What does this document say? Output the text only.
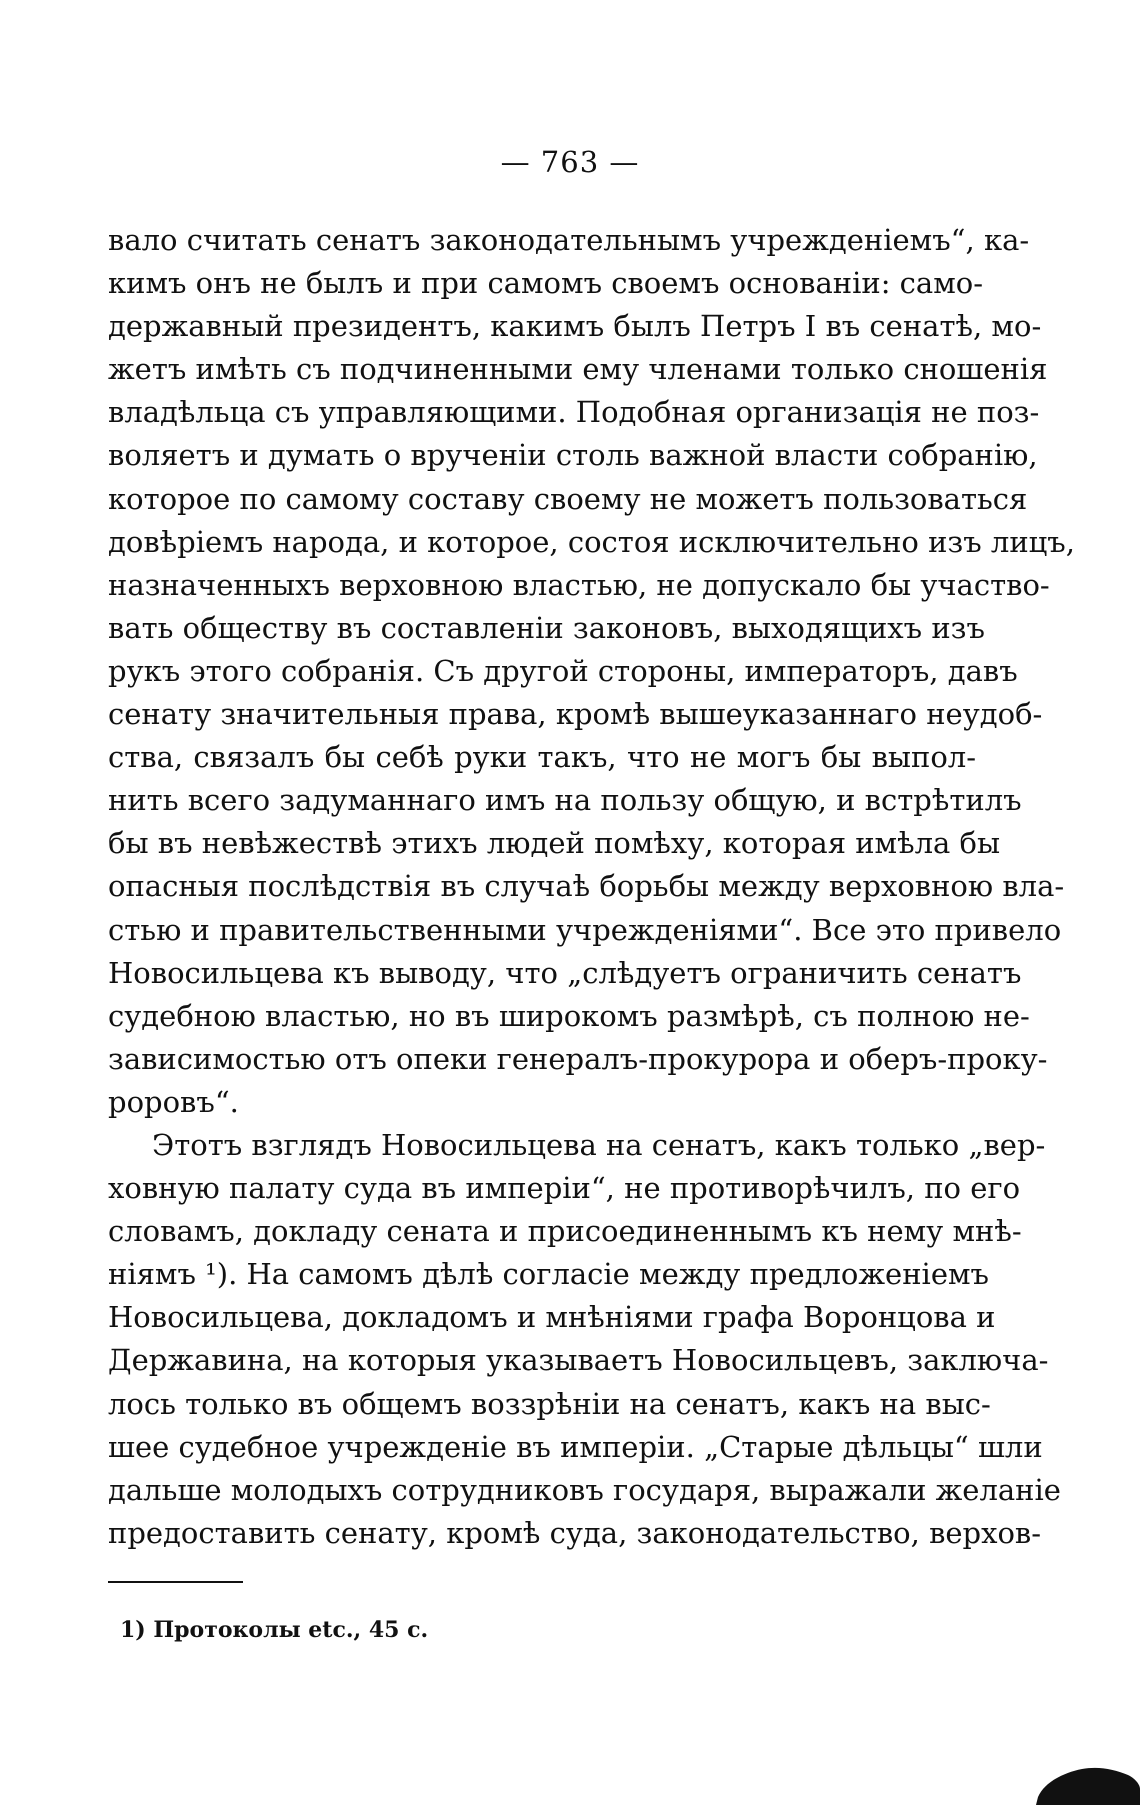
— 763 —
вало считать сенатъ законодательнымъ учрежденіемъ“, ка-
кимъ онъ не былъ и при самомъ своемъ основаніи: само-
державный президентъ, какимъ былъ Петръ I въ сенатѣ, мо-
жетъ имѣть съ подчиненными ему членами только сношенія
владѣльца съ управляющими. Подобная организація не поз-
воляетъ и думать о врученіи столь важной власти собранію,
которое по самому составу своему не можетъ пользоваться
довѣріемъ народа, и которое, состоя исключительно изъ лицъ,
назначенныхъ верховною властью, не допускало бы участво-
вать обществу въ составленіи законовъ, выходящихъ изъ
рукъ этого собранія. Съ другой стороны, императоръ, давъ
сенату значительныя права, кромѣ вышеуказаннаго неудоб-
ства, связалъ бы себѣ руки такъ, что не могъ бы выпол-
нить всего задуманнаго имъ на пользу общую, и встрѣтилъ
бы въ невѣжествѣ этихъ людей помѣху, которая имѣла бы
опасныя послѣдствія въ случаѣ борьбы между верховною вла-
стью и правительственными учрежденіями“. Все это привело
Новосильцева къ выводу, что „слѣдуетъ ограничить сенатъ
судебною властью, но въ широкомъ размѣрѣ, съ полною не-
зависимостью отъ опеки генералъ-прокурора и оберъ-проку-
роровъ“.
Этотъ взглядъ Новосильцева на сенатъ, какъ только „вер-
ховную палату суда въ имперіи“, не противорѣчилъ, по его
словамъ, докладу сената и присоединеннымъ къ нему мнѣ-
ніямъ ¹). На самомъ дѣлѣ согласіе между предложеніемъ
Новосильцева, докладомъ и мнѣніями графа Воронцова и
Державина, на которыя указываетъ Новосильцевъ, заключа-
лось только въ общемъ воззрѣніи на сенатъ, какъ на выс-
шее судебное учрежденіе въ имперіи. „Старые дѣльцы“ шли
дальше молодыхъ сотрудниковъ государя, выражали желаніе
предоставить сенату, кромѣ суда, законодательство, верхов-
1) Протоколы etc., 45 с.
